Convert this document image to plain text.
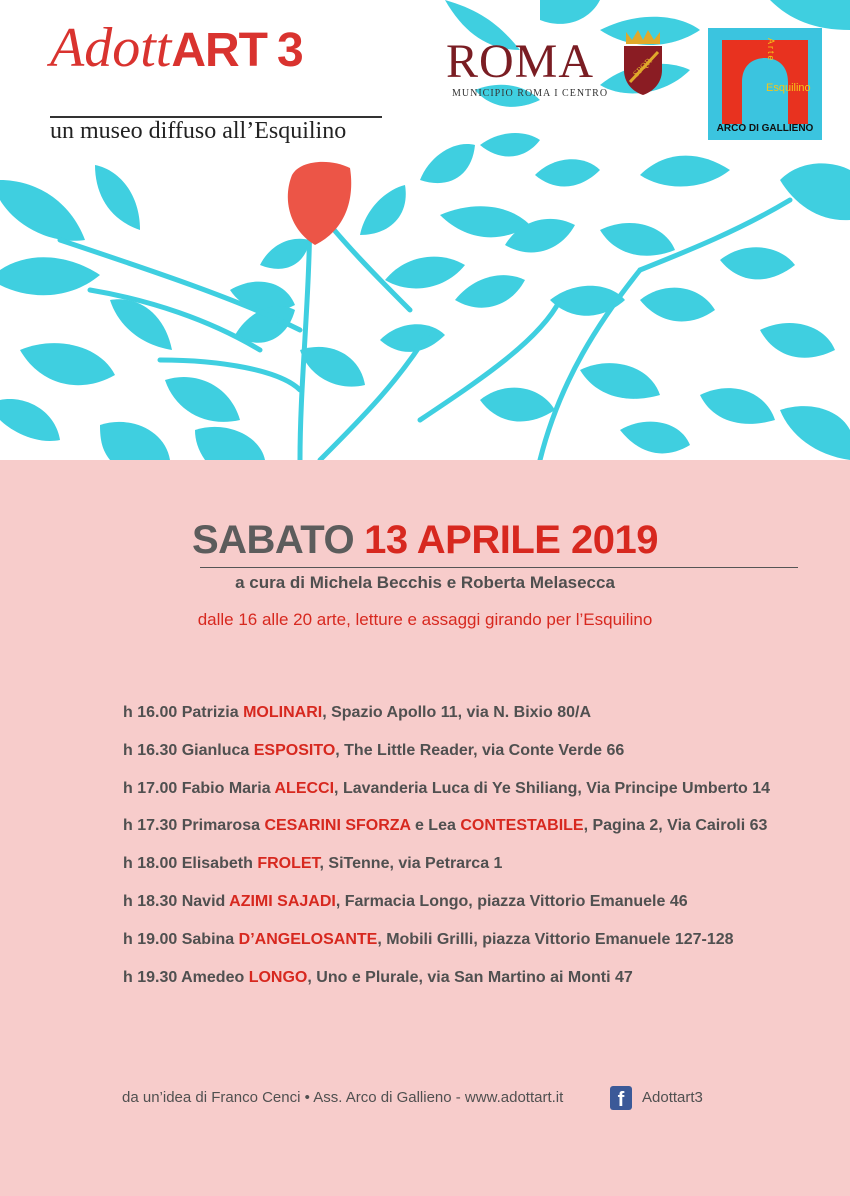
AdottART 3
un museo diffuso all’Esquilino
ROMA
MUNICIPIO ROMA I CENTRO
SPQR
Arte
Esquilino
ARCO DI GALLIENO
SABATO 13 APRILE 2019
a cura di Michela Becchis e Roberta Melasecca
dalle 16 alle 20 arte, letture e assaggi girando per l’Esquilino
h 16.00 Patrizia MOLINARI, Spazio Apollo 11, via N. Bixio 80/A
h 16.30 Gianluca ESPOSITO, The Little Reader, via Conte Verde 66
h 17.00 Fabio Maria ALECCI, Lavanderia Luca di Ye Shiliang, Via Principe Umberto 14
h 17.30 Primarosa CESARINI SFORZA e Lea CONTESTABILE, Pagina 2, Via Cairoli 63
h 18.00 Elisabeth FROLET, SiTenne, via Petrarca 1
h 18.30 Navid AZIMI SAJADI, Farmacia Longo, piazza Vittorio Emanuele 46
h 19.00 Sabina D’ANGELOSANTE, Mobili Grilli, piazza Vittorio Emanuele 127-128
h 19.30 Amedeo LONGO, Uno e Plurale, via San Martino ai Monti 47
da un’idea di Franco Cenci • Ass. Arco di Gallieno - www.adottart.it	f	Adottart3
